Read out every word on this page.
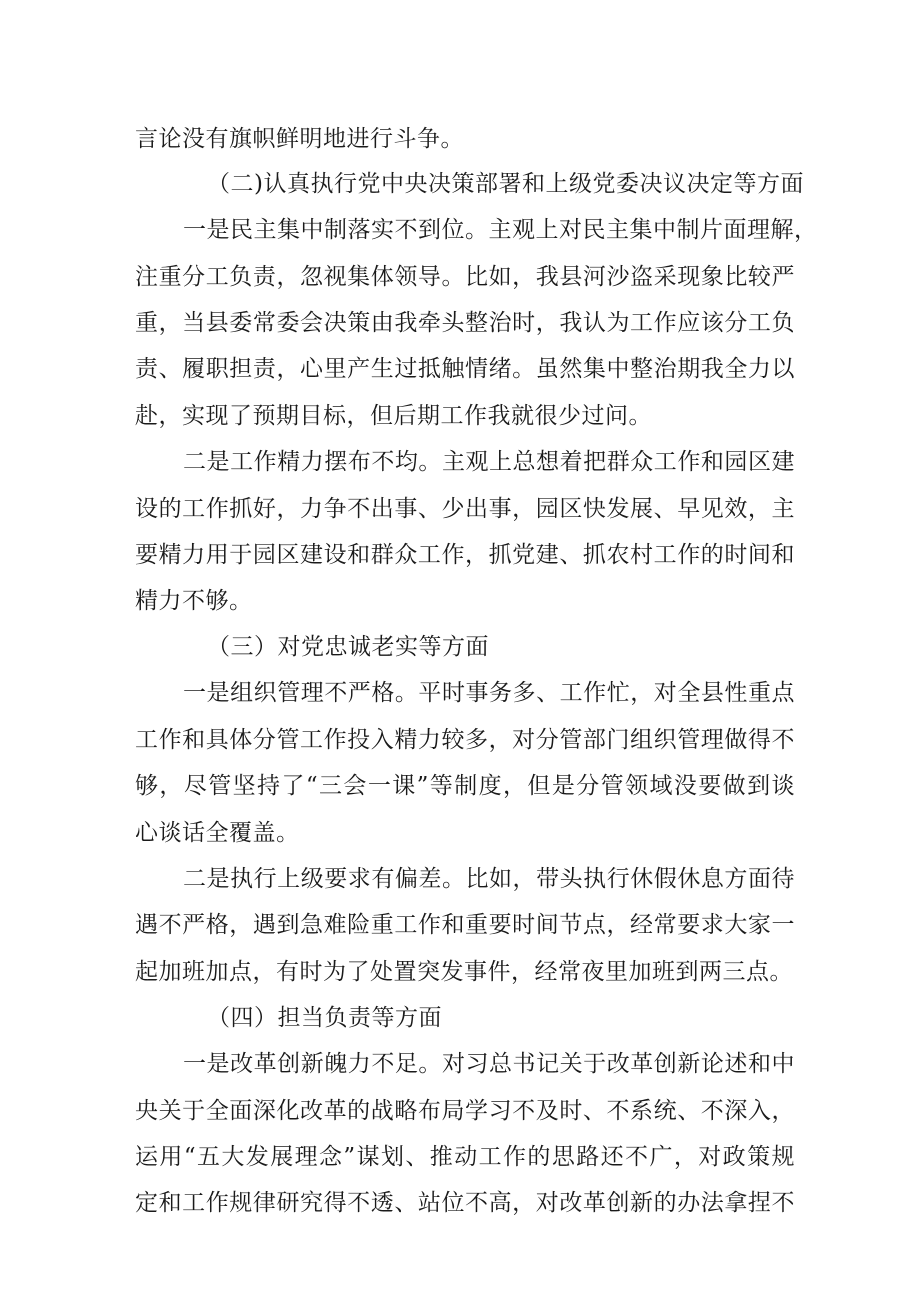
言论没有旗帜鲜明地进行斗争。
（二)认真执行党中央决策部署和上级党委决议决定等方面
一是民主集中制落实不到位。主观上对民主集中制片面理解，
注重分工负责，忽视集体领导。比如，我县河沙盗采现象比较严
重，当县委常委会决策由我牵头整治时，我认为工作应该分工负
责、履职担责，心里产生过抵触情绪。虽然集中整治期我全力以
赴，实现了预期目标，但后期工作我就很少过问。
二是工作精力摆布不均。主观上总想着把群众工作和园区建
设的工作抓好，力争不出事、少出事，园区快发展、早见效，主
要精力用于园区建设和群众工作，抓党建、抓农村工作的时间和
精力不够。
（三）对党忠诚老实等方面
一是组织管理不严格。平时事务多、工作忙，对全县性重点
工作和具体分管工作投入精力较多，对分管部门组织管理做得不
够，尽管坚持了“三会一课”等制度，但是分管领域没要做到谈
心谈话全覆盖。
二是执行上级要求有偏差。比如，带头执行休假休息方面待
遇不严格，遇到急难险重工作和重要时间节点，经常要求大家一
起加班加点，有时为了处置突发事件，经常夜里加班到两三点。
（四）担当负责等方面
一是改革创新魄力不足。对习总书记关于改革创新论述和中
央关于全面深化改革的战略布局学习不及时、不系统、不深入，
运用“五大发展理念”谋划、推动工作的思路还不广，对政策规
定和工作规律研究得不透、站位不高，对改革创新的办法拿捏不
